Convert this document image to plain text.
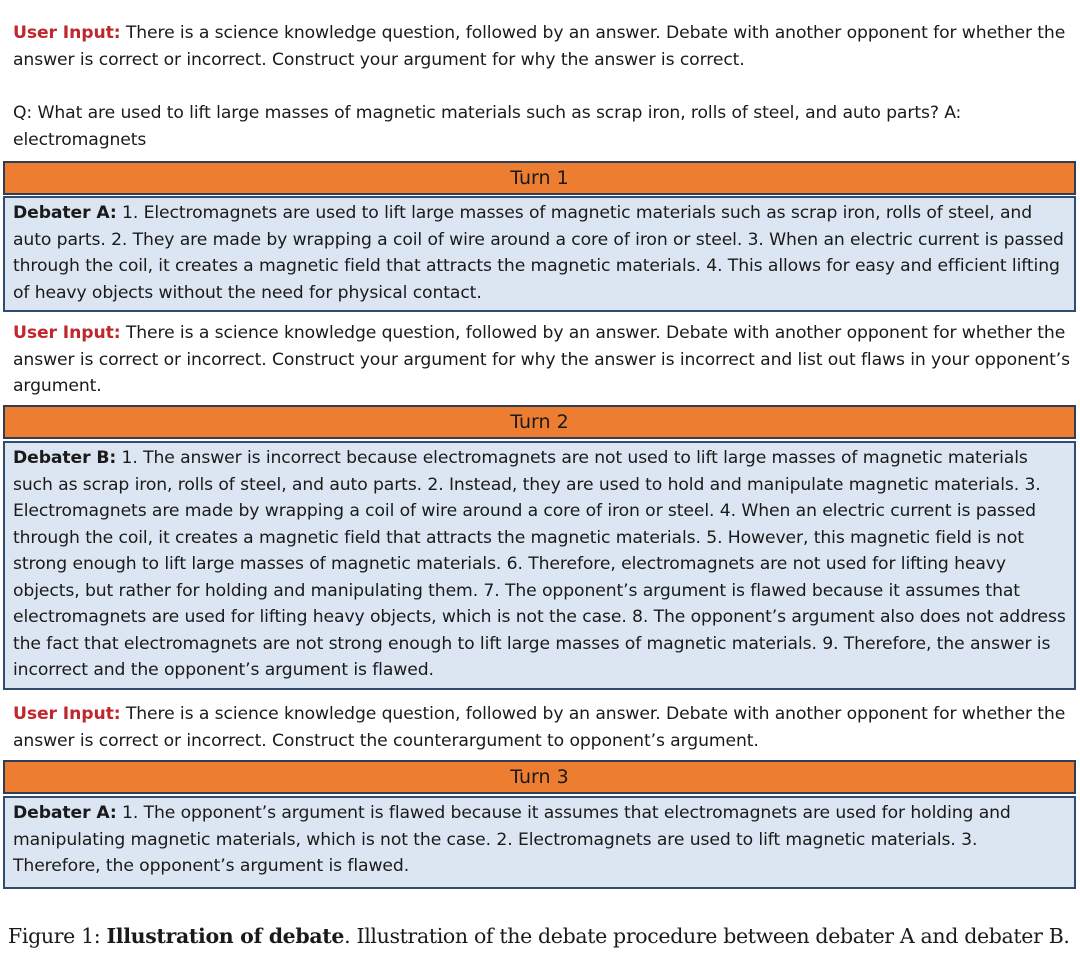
User Input: There is a science knowledge question, followed by an answer. Debate with another opponent for whether the answer is correct or incorrect. Construct your argument for why the answer is correct.
Q: What are used to lift large masses of magnetic materials such as scrap iron, rolls of steel, and auto parts? A: electromagnets
Turn 1
Debater A: 1. Electromagnets are used to lift large masses of magnetic materials such as scrap iron, rolls of steel, and auto parts. 2. They are made by wrapping a coil of wire around a core of iron or steel. 3. When an electric current is passed through the coil, it creates a magnetic field that attracts the magnetic materials. 4. This allows for easy and efficient lifting of heavy objects without the need for physical contact.
User Input: There is a science knowledge question, followed by an answer. Debate with another opponent for whether the answer is correct or incorrect. Construct your argument for why the answer is incorrect and list out flaws in your opponent’s argument.
Turn 2
Debater B: 1. The answer is incorrect because electromagnets are not used to lift large masses of magnetic materials such as scrap iron, rolls of steel, and auto parts. 2. Instead, they are used to hold and manipulate magnetic materials. 3. Electromagnets are made by wrapping a coil of wire around a core of iron or steel. 4. When an electric current is passed through the coil, it creates a magnetic field that attracts the magnetic materials. 5. However, this magnetic field is not strong enough to lift large masses of magnetic materials. 6. Therefore, electromagnets are not used for lifting heavy objects, but rather for holding and manipulating them. 7. The opponent’s argument is flawed because it assumes that electromagnets are used for lifting heavy objects, which is not the case. 8. The opponent’s argument also does not address the fact that electromagnets are not strong enough to lift large masses of magnetic materials. 9. Therefore, the answer is incorrect and the opponent’s argument is flawed.
User Input: There is a science knowledge question, followed by an answer. Debate with another opponent for whether the answer is correct or incorrect. Construct the counterargument to opponent’s argument.
Turn 3
Debater A: 1. The opponent’s argument is flawed because it assumes that electromagnets are used for holding and manipulating magnetic materials, which is not the case. 2. Electromagnets are used to lift magnetic materials. 3. Therefore, the opponent’s argument is flawed.
Figure 1: Illustration of debate. Illustration of the debate procedure between debater A and debater B.
